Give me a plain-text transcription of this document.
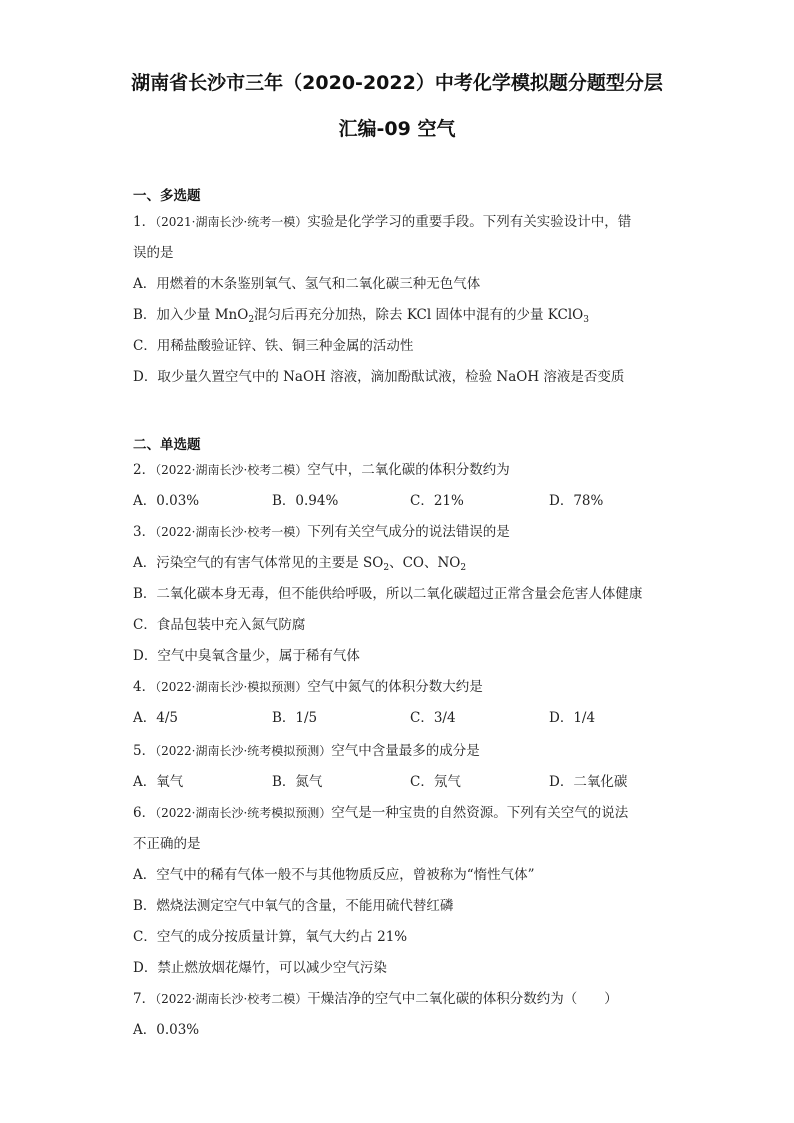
湖南省长沙市三年（2020-2022）中考化学模拟题分题型分层
汇编-09 空气
一、多选题
1．（2021·湖南长沙·统考一模）实验是化学学习的重要手段。下列有关实验设计中，错
误的是
A．用燃着的木条鉴别氧气、氢气和二氧化碳三种无色气体
B．加入少量 MnO$_2$混匀后再充分加热，除去 KCl 固体中混有的少量 KClO$_3$
C．用稀盐酸验证锌、铁、铜三种金属的活动性
D．取少量久置空气中的 NaOH 溶液，滴加酚酞试液，检验 NaOH 溶液是否变质
二、单选题
2．（2022·湖南长沙·校考二模）空气中，二氧化碳的体积分数约为
A．0.03%	B．0.94%	C．21%	D．78%
3．（2022·湖南长沙·校考一模）下列有关空气成分的说法错误的是
A．污染空气的有害气体常见的主要是 $SO_2$、CO、$NO_2$
B．二氧化碳本身无毒，但不能供给呼吸，所以二氧化碳超过正常含量会危害人体健康
C．食品包装中充入氮气防腐
D．空气中臭氧含量少，属于稀有气体
4．（2022·湖南长沙·模拟预测）空气中氮气的体积分数大约是
A．4/5	B．1/5	C．3/4	D．1/4
5．（2022·湖南长沙·统考模拟预测）空气中含量最多的成分是
A．氧气	B．氮气	C．氖气	D．二氧化碳
6．（2022·湖南长沙·统考模拟预测）空气是一种宝贵的自然资源。下列有关空气的说法
不正确的是
A．空气中的稀有气体一般不与其他物质反应，曾被称为“惰性气体”
B．燃烧法测定空气中氧气的含量，不能用硫代替红磷
C．空气的成分按质量计算，氧气大约占 21%
D．禁止燃放烟花爆竹，可以减少空气污染
7．（2022·湖南长沙·校考二模）干燥洁净的空气中二氧化碳的体积分数约为（　　）
A．0.03%
